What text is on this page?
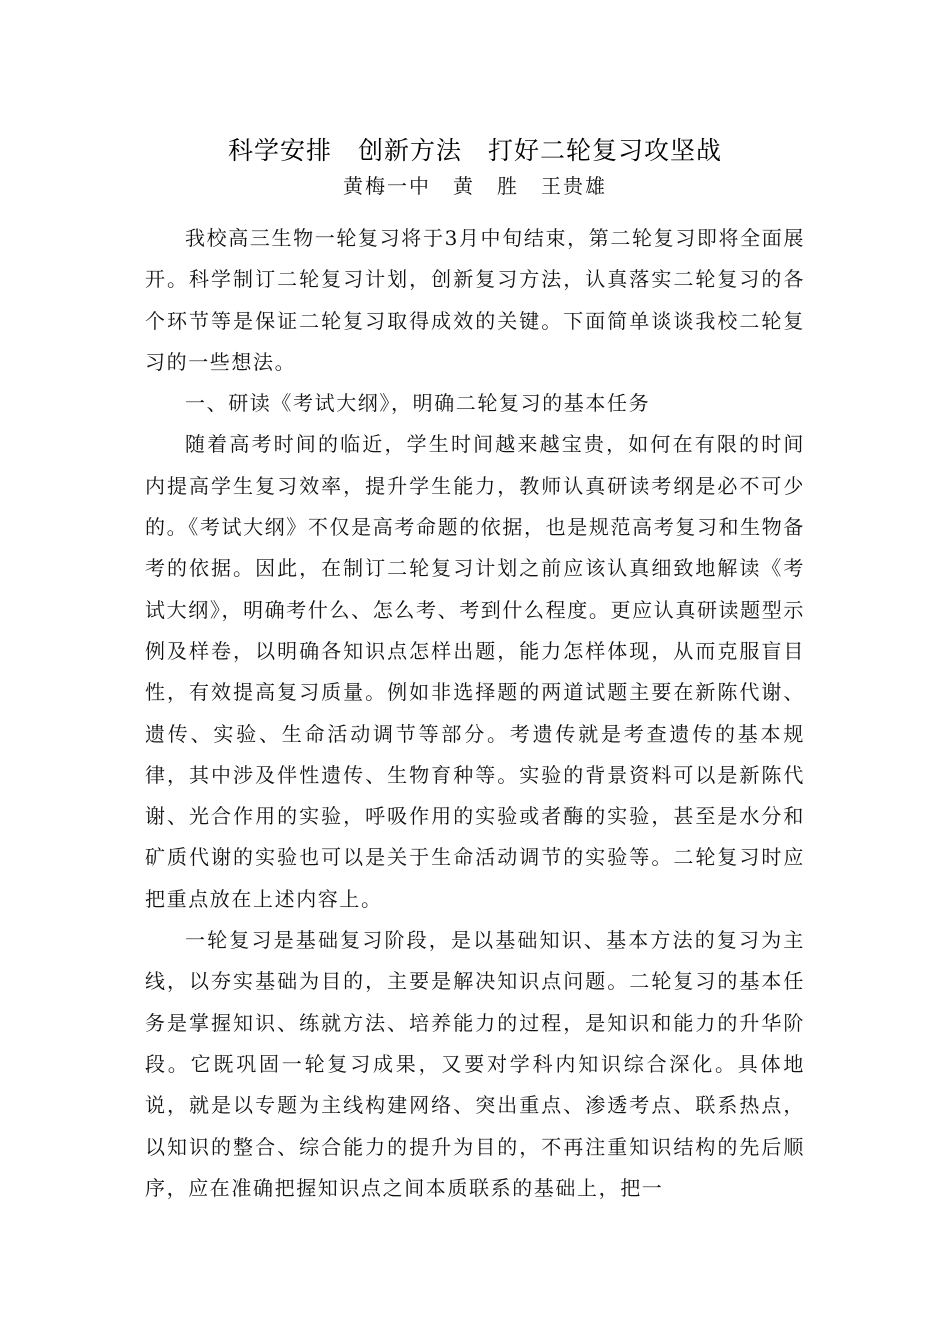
科学安排　创新方法　打好二轮复习攻坚战
黄梅一中　黄　胜　王贵雄

我校高三生物一轮复习将于3月中旬结束，第二轮复习即将全面展开。科学制订二轮复习计划，创新复习方法，认真落实二轮复习的各个环节等是保证二轮复习取得成效的关键。下面简单谈谈我校二轮复习的一些想法。

一、研读《考试大纲》，明确二轮复习的基本任务

随着高考时间的临近，学生时间越来越宝贵，如何在有限的时间内提高学生复习效率，提升学生能力，教师认真研读考纲是必不可少的。《考试大纲》不仅是高考命题的依据，也是规范高考复习和生物备考的依据。因此，在制订二轮复习计划之前应该认真细致地解读《考试大纲》，明确考什么、怎么考、考到什么程度。更应认真研读题型示例及样卷，以明确各知识点怎样出题，能力怎样体现，从而克服盲目性，有效提高复习质量。例如非选择题的两道试题主要在新陈代谢、遗传、实验、生命活动调节等部分。考遗传就是考查遗传的基本规律，其中涉及伴性遗传、生物育种等。实验的背景资料可以是新陈代谢、光合作用的实验，呼吸作用的实验或者酶的实验，甚至是水分和矿质代谢的实验也可以是关于生命活动调节的实验等。二轮复习时应把重点放在上述内容上。

一轮复习是基础复习阶段，是以基础知识、基本方法的复习为主线，以夯实基础为目的，主要是解决知识点问题。二轮复习的基本任务是掌握知识、练就方法、培养能力的过程，是知识和能力的升华阶段。它既巩固一轮复习成果，又要对学科内知识综合深化。具体地说，就是以专题为主线构建网络、突出重点、渗透考点、联系热点，以知识的整合、综合能力的提升为目的，不再注重知识结构的先后顺序，应在准确把握知识点之间本质联系的基础上，把一
